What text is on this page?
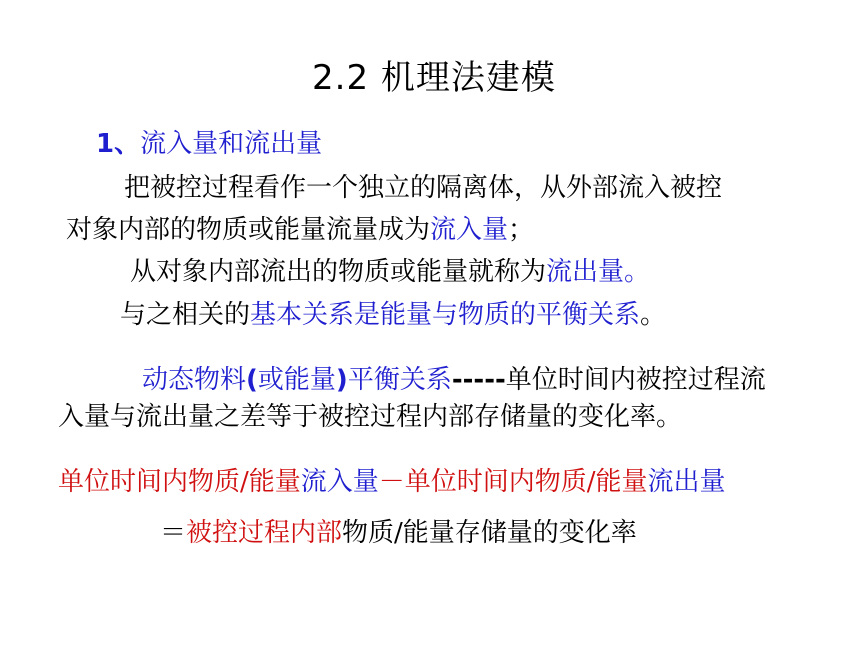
2.2 机理法建模
1、流入量和流出量
把被控过程看作一个独立的隔离体，从外部流入被控
对象内部的物质或能量流量成为流入量；
从对象内部流出的物质或能量就称为流出量。
与之相关的基本关系是能量与物质的平衡关系。
动态物料(或能量)平衡关系-----单位时间内被控过程流
入量与流出量之差等于被控过程内部存储量的变化率。
单位时间内物质/能量流入量－单位时间内物质/能量流出量
＝被控过程内部物质/能量存储量的变化率
